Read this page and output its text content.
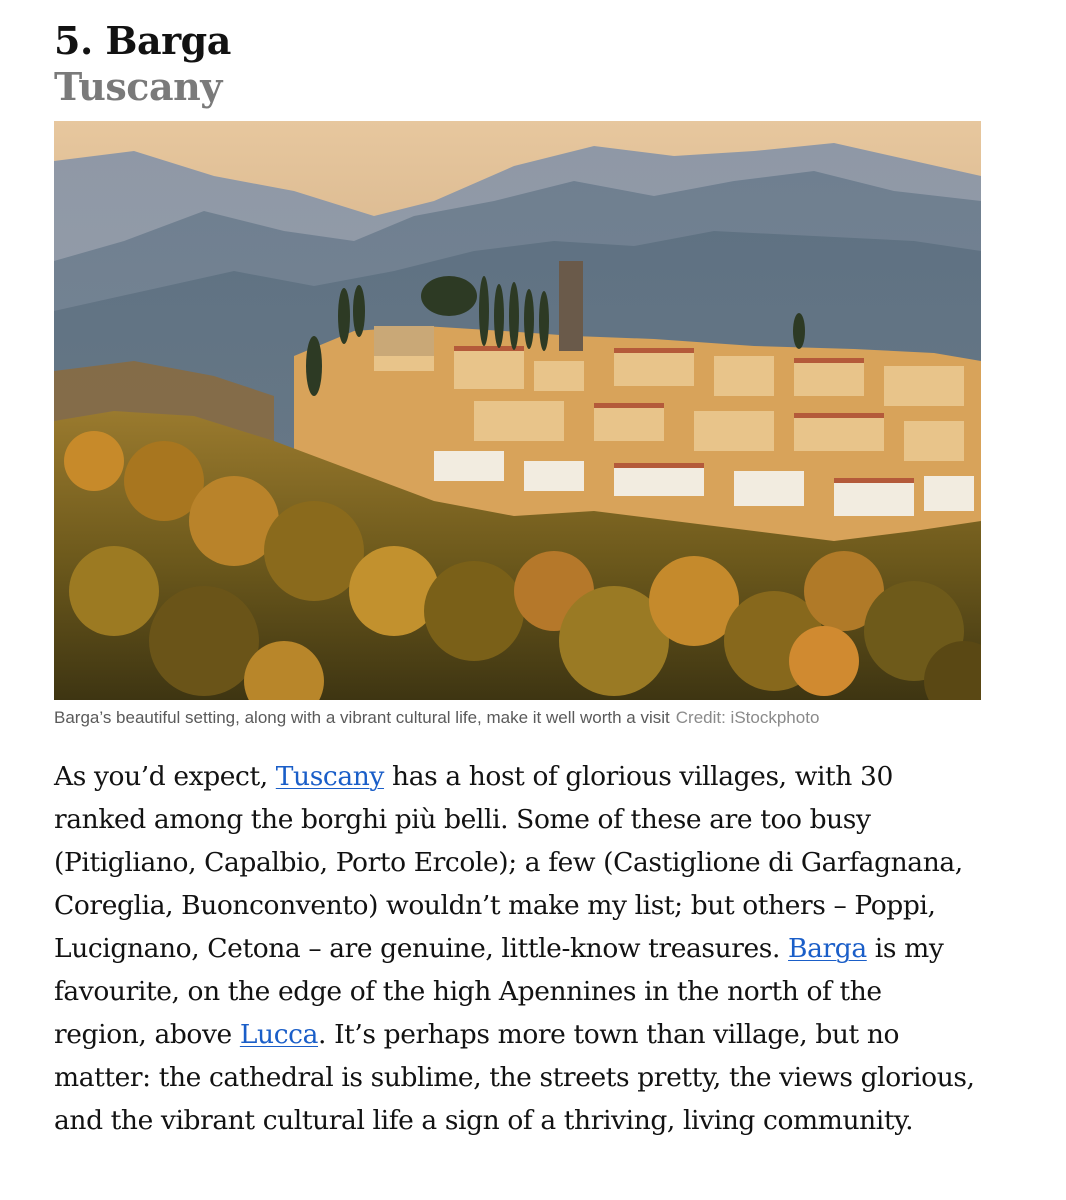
5. Barga
Tuscany
Barga’s beautiful setting, along with a vibrant cultural life, make it well worth a visit Credit: iStockphoto

As you’d expect, Tuscany has a host of glorious villages, with 30 ranked among the borghi più belli. Some of these are too busy (Pitigliano, Capalbio, Porto Ercole); a few (Castiglione di Garfagnana, Coreglia, Buonconvento) wouldn’t make my list; but others – Poppi, Lucignano, Cetona – are genuine, little-know treasures. Barga is my favourite, on the edge of the high Apennines in the north of the region, above Lucca. It’s perhaps more town than village, but no matter: the cathedral is sublime, the streets pretty, the views glorious, and the vibrant cultural life a sign of a thriving, living community.
